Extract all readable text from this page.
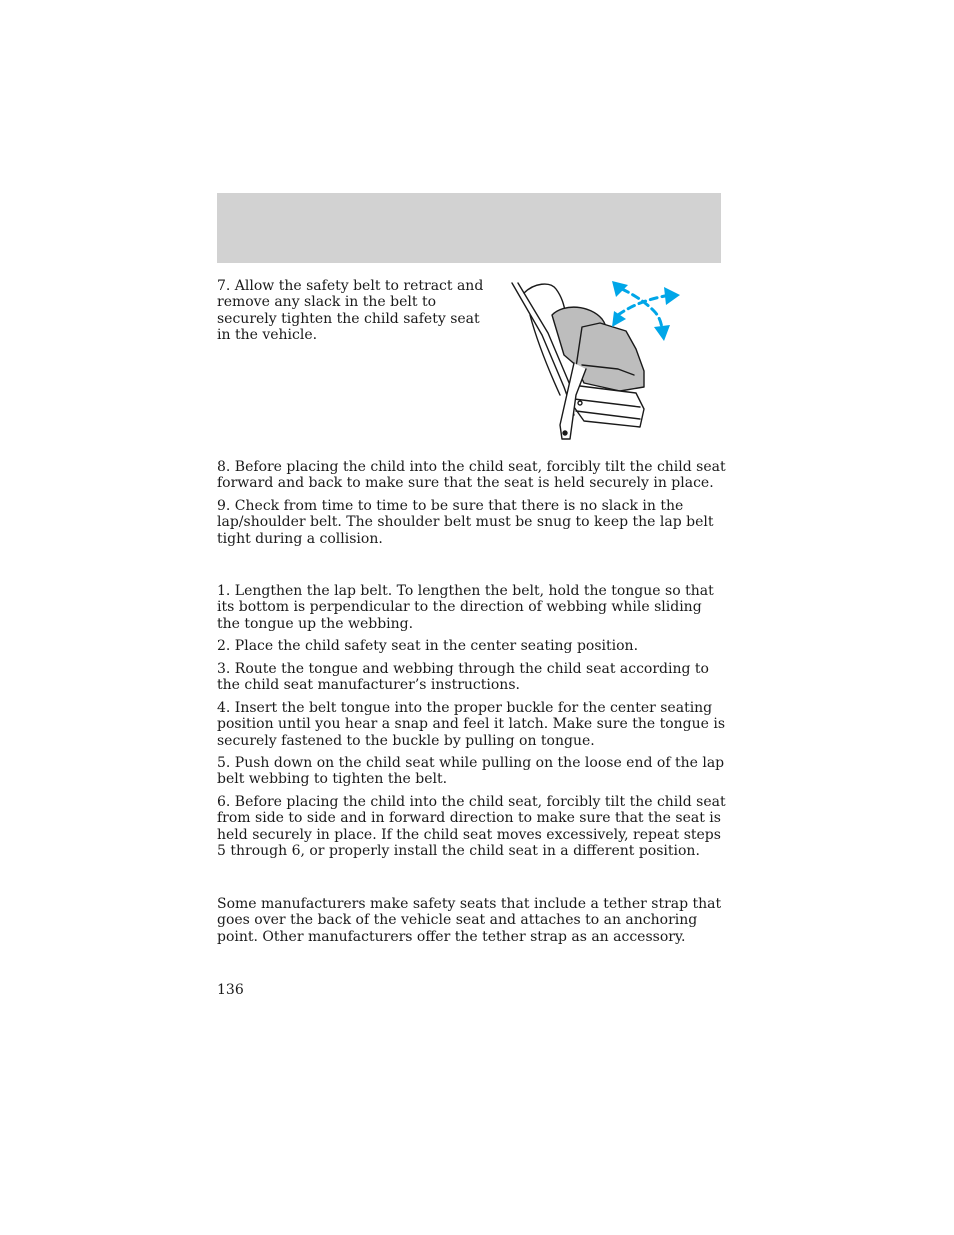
7. Allow the safety belt to retract and remove any slack in the belt to securely tighten the child safety seat in the vehicle.

8. Before placing the child into the child seat, forcibly tilt the child seat forward and back to make sure that the seat is held securely in place.

9. Check from time to time to be sure that there is no slack in the lap/shoulder belt. The shoulder belt must be snug to keep the lap belt tight during a collision.

1. Lengthen the lap belt. To lengthen the belt, hold the tongue so that its bottom is perpendicular to the direction of webbing while sliding the tongue up the webbing.

2. Place the child safety seat in the center seating position.

3. Route the tongue and webbing through the child seat according to the child seat manufacturer’s instructions.

4. Insert the belt tongue into the proper buckle for the center seating position until you hear a snap and feel it latch. Make sure the tongue is securely fastened to the buckle by pulling on tongue.

5. Push down on the child seat while pulling on the loose end of the lap belt webbing to tighten the belt.

6. Before placing the child into the child seat, forcibly tilt the child seat from side to side and in forward direction to make sure that the seat is held securely in place. If the child seat moves excessively, repeat steps 5 through 6, or properly install the child seat in a different position.

Some manufacturers make safety seats that include a tether strap that goes over the back of the vehicle seat and attaches to an anchoring point. Other manufacturers offer the tether strap as an accessory.

136
